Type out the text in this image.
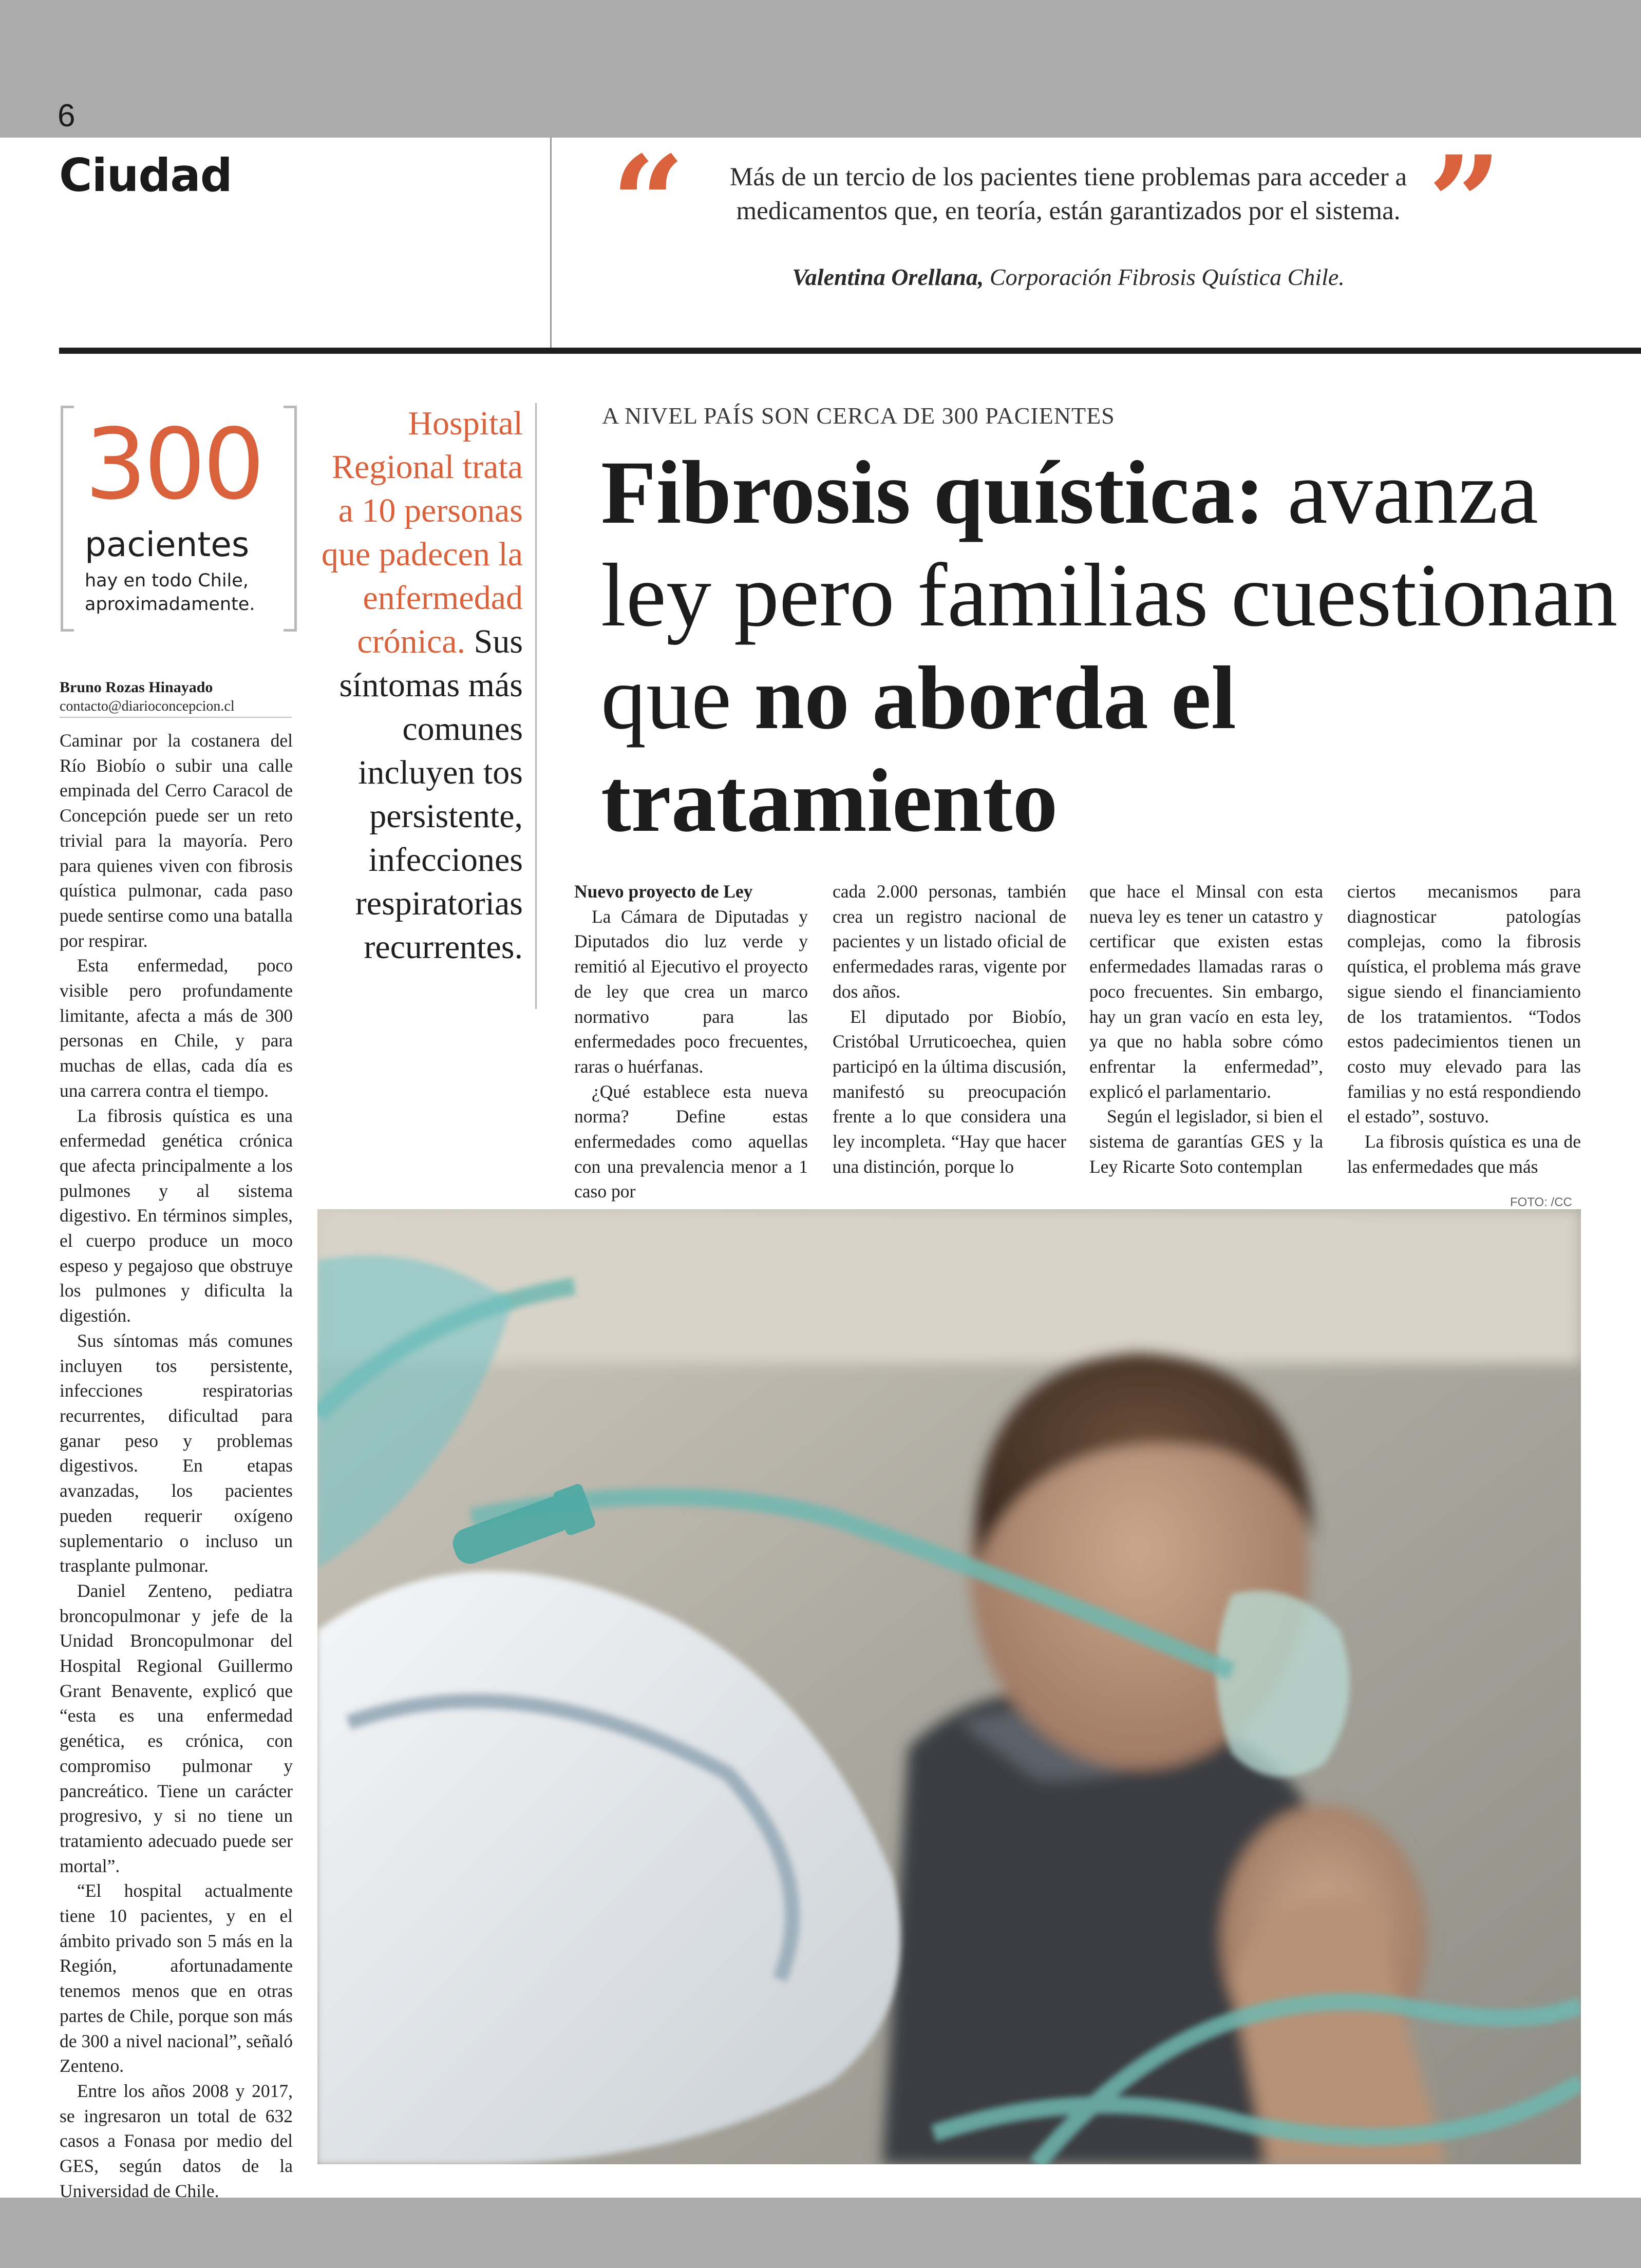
6
Ciudad	“	Más de un tercio de los pacientes tiene problemas para acceder a
medicamentos que, en teoría, están garantizados por el sistema. ”
Valentina Orellana, Corporación Fibrosis Quística Chile.
300
pacientes
hay en todo Chile,
aproximadamente.
Bruno Rozas Hinayado
contacto@diarioconcepcion.cl

Caminar por la costanera del Río Biobío o subir una calle empinada del Cerro Caracol de Concepción puede ser un reto trivial para la mayoría. Pero para quienes viven con fibrosis quística pulmonar, cada paso puede sentirse como una batalla por respirar.

Esta enfermedad, poco visible pero profundamente limitante, afecta a más de 300 personas en Chile, y para muchas de ellas, cada día es una carrera contra el tiempo.

La fibrosis quística es una enfermedad genética crónica que afecta principalmente a los pulmones y al sistema digestivo. En términos simples, el cuerpo produce un moco espeso y pegajoso que obstruye los pulmones y dificulta la digestión.

Sus síntomas más comunes incluyen tos persistente, infecciones respiratorias recurrentes, dificultad para ganar peso y problemas digestivos. En etapas avanzadas, los pacientes pueden requerir oxígeno suplementario o incluso un trasplante pulmonar.

Daniel Zenteno, pediatra broncopulmonar y jefe de la Unidad Broncopulmonar del Hospital Regional Guillermo Grant Benavente, explicó que “esta es una enfermedad genética, es crónica, con compromiso pulmonar y pancreático. Tiene un carácter progresivo, y si no tiene un tratamiento adecuado puede ser mortal”.

“El hospital actualmente tiene 10 pacientes, y en el ámbito privado son 5 más en la Región, afortunadamente tenemos menos que en otras partes de Chile, porque son más de 300 a nivel nacional”, señaló Zenteno.

Entre los años 2008 y 2017, se ingresaron un total de 632 casos a Fonasa por medio del GES, según datos de la Universidad de Chile.

Hospital Regional trata a 10 personas que padecen la enfermedad crónica. Sus síntomas más comunes incluyen tos persistente, infecciones respiratorias recurrentes.
A NIVEL PAÍS SON CERCA DE 300 PACIENTES
Fibrosis quística: avanza ley pero familias cuestionan que no aborda el tratamiento

Nuevo proyecto de Ley

La Cámara de Diputadas y Diputados dio luz verde y remitió al Ejecutivo el proyecto de ley que crea un marco normativo para las enfermedades poco frecuentes, raras o huérfanas.

¿Qué establece esta nueva norma? Define estas enfermedades como aquellas con una prevalencia menor a 1 caso por

cada 2.000 personas, también crea un registro nacional de pacientes y un listado oficial de enfermedades raras, vigente por dos años.

El diputado por Biobío, Cristóbal Urruticoechea, quien participó en la última discusión, manifestó su preocupación frente a lo que considera una ley incompleta. “Hay que hacer una distinción, porque lo

que hace el Minsal con esta nueva ley es tener un catastro y certificar que existen estas enfermedades llamadas raras o poco frecuentes. Sin embargo, hay un gran vacío en esta ley, ya que no habla sobre cómo enfrentar la enfermedad”, explicó el parlamentario.

Según el legislador, si bien el sistema de garantías GES y la Ley Ricarte Soto contemplan

ciertos mecanismos para diagnosticar patologías complejas, como la fibrosis quística, el problema más grave sigue siendo el financiamiento de los tratamientos. “Todos estos padecimientos tienen un costo muy elevado para las familias y no está respondiendo el estado”, sostuvo.

La fibrosis quística es una de las enfermedades que más

FOTO: /CC
